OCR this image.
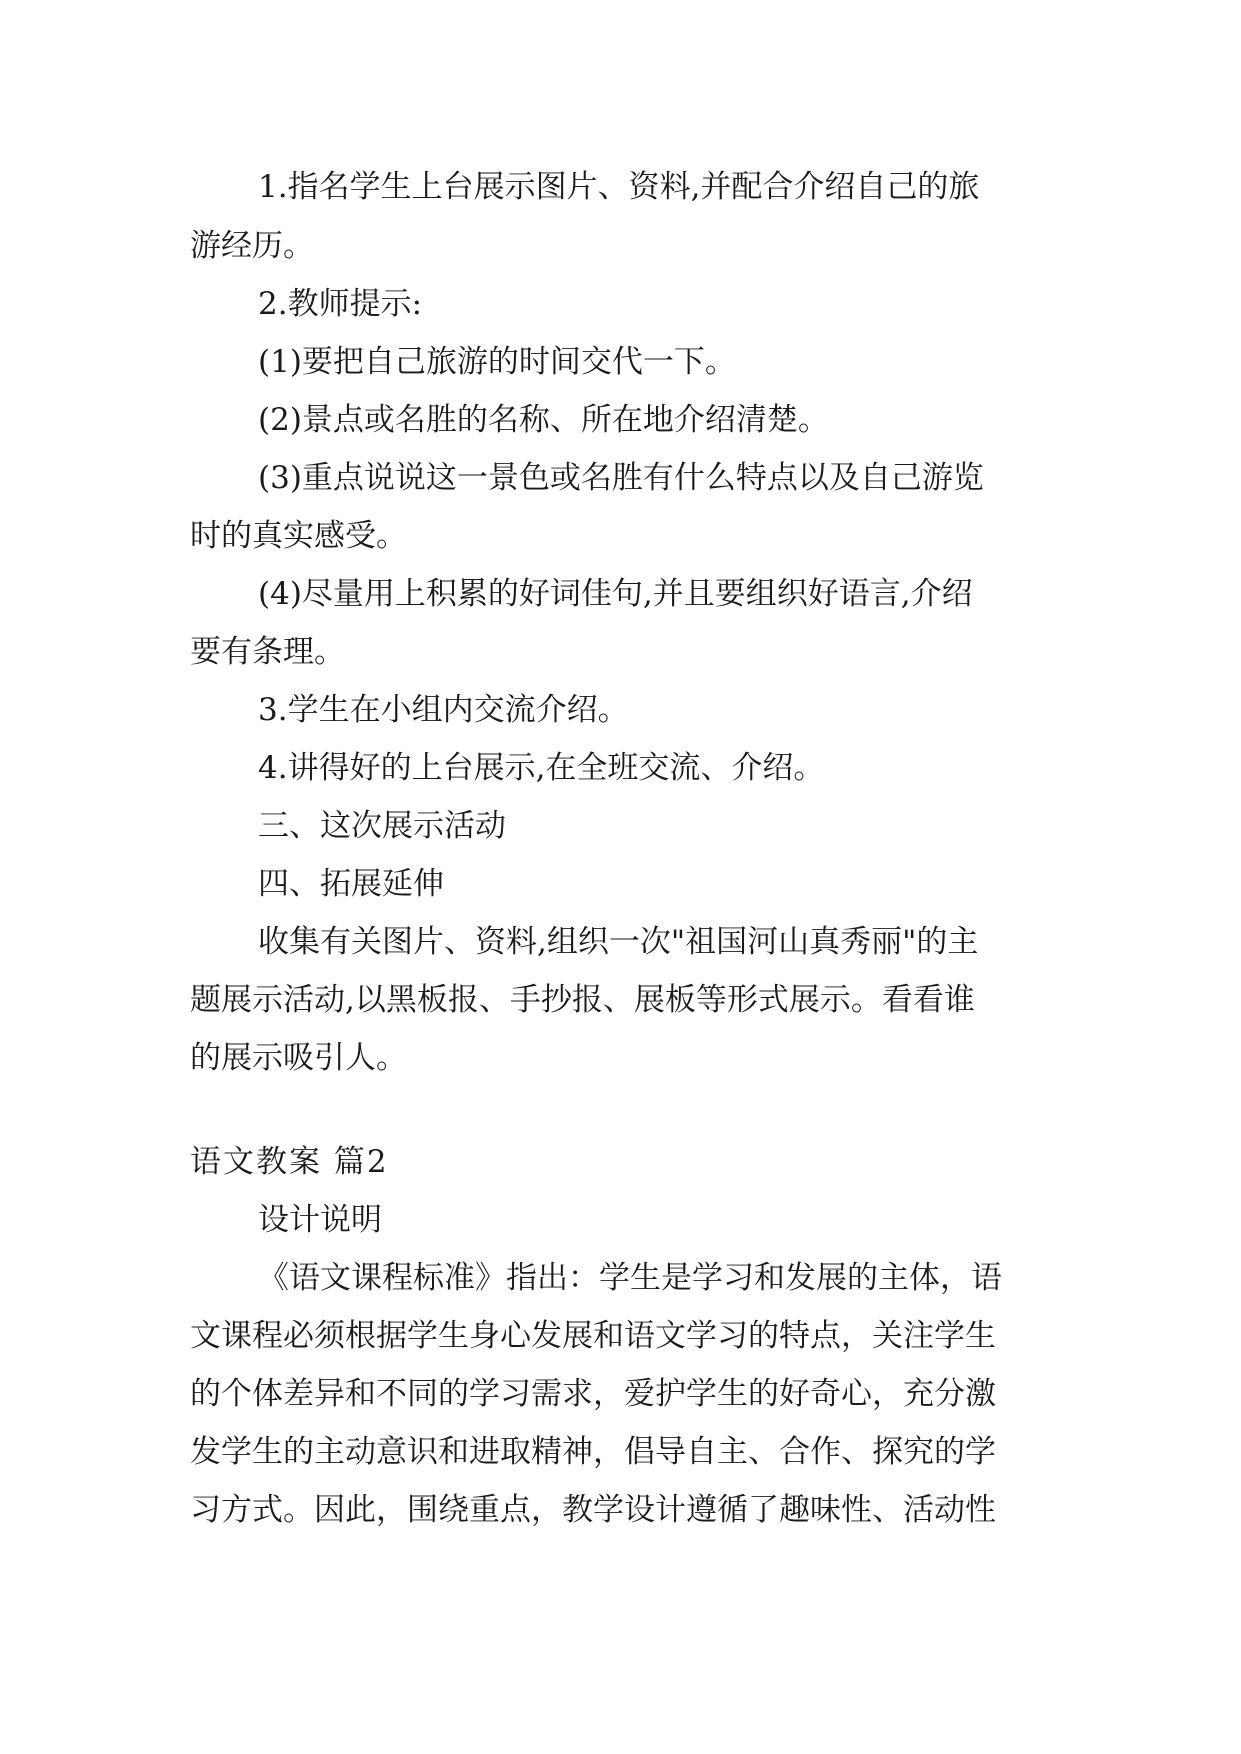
1.指名学生上台展示图片、资料,并配合介绍自己的旅
游经历。
2.教师提示:
(1)要把自己旅游的时间交代一下。
(2)景点或名胜的名称、所在地介绍清楚。
(3)重点说说这一景色或名胜有什么特点以及自己游览
时的真实感受。
(4)尽量用上积累的好词佳句,并且要组织好语言,介绍
要有条理。
3.学生在小组内交流介绍。
4.讲得好的上台展示,在全班交流、介绍。
三、这次展示活动
四、拓展延伸
收集有关图片、资料,组织一次"祖国河山真秀丽"的主
题展示活动,以黑板报、手抄报、展板等形式展示。看看谁
的展示吸引人。
语文教案 篇2
设计说明
《语文课程标准》指出：学生是学习和发展的主体，语
文课程必须根据学生身心发展和语文学习的特点，关注学生
的个体差异和不同的学习需求，爱护学生的好奇心，充分激
发学生的主动意识和进取精神，倡导自主、合作、探究的学
习方式。因此，围绕重点，教学设计遵循了趣味性、活动性
